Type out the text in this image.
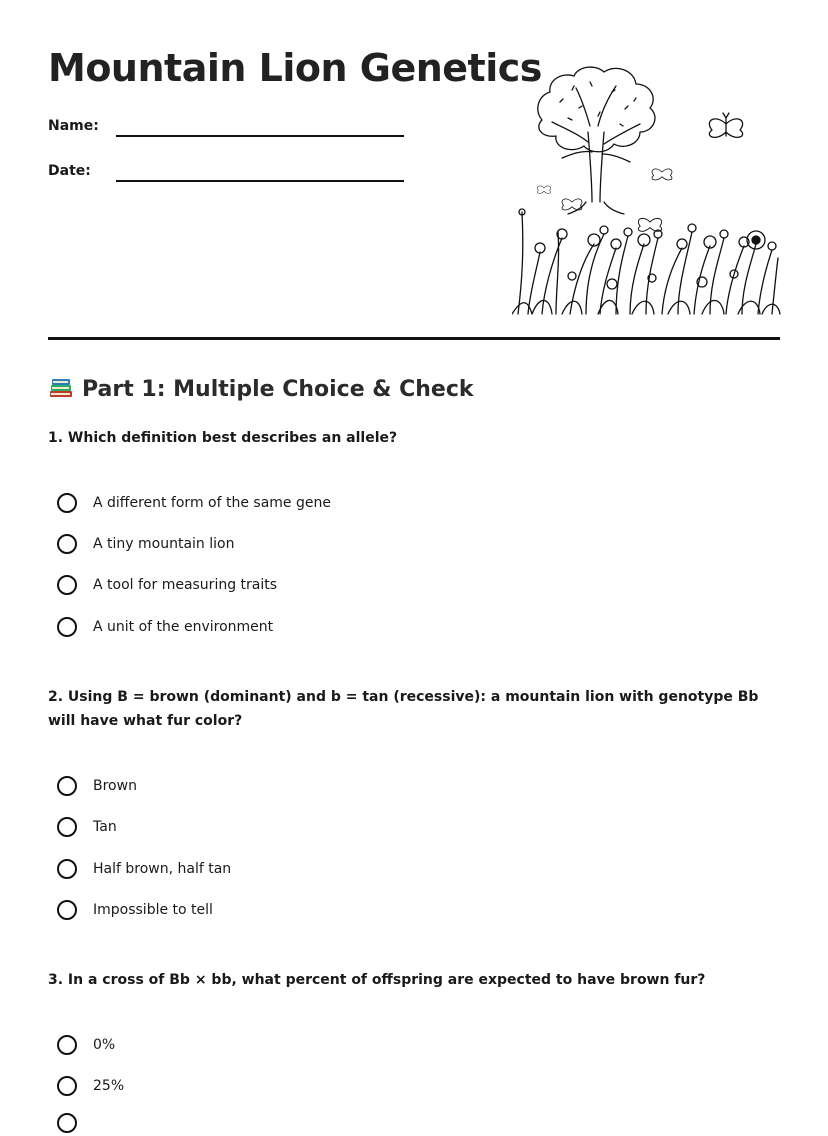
Mountain Lion Genetics
Name:
Date:
Part 1: Multiple Choice & Check

1. Which definition best describes an allele?

A different form of the same gene
A tiny mountain lion
A tool for measuring traits
A unit of the environment

2. Using B = brown (dominant) and b = tan (recessive): a mountain lion with genotype Bb will have what fur color?

Brown
Tan
Half brown, half tan
Impossible to tell

3. In a cross of Bb × bb, what percent of offspring are expected to have brown fur?

0%
25%
